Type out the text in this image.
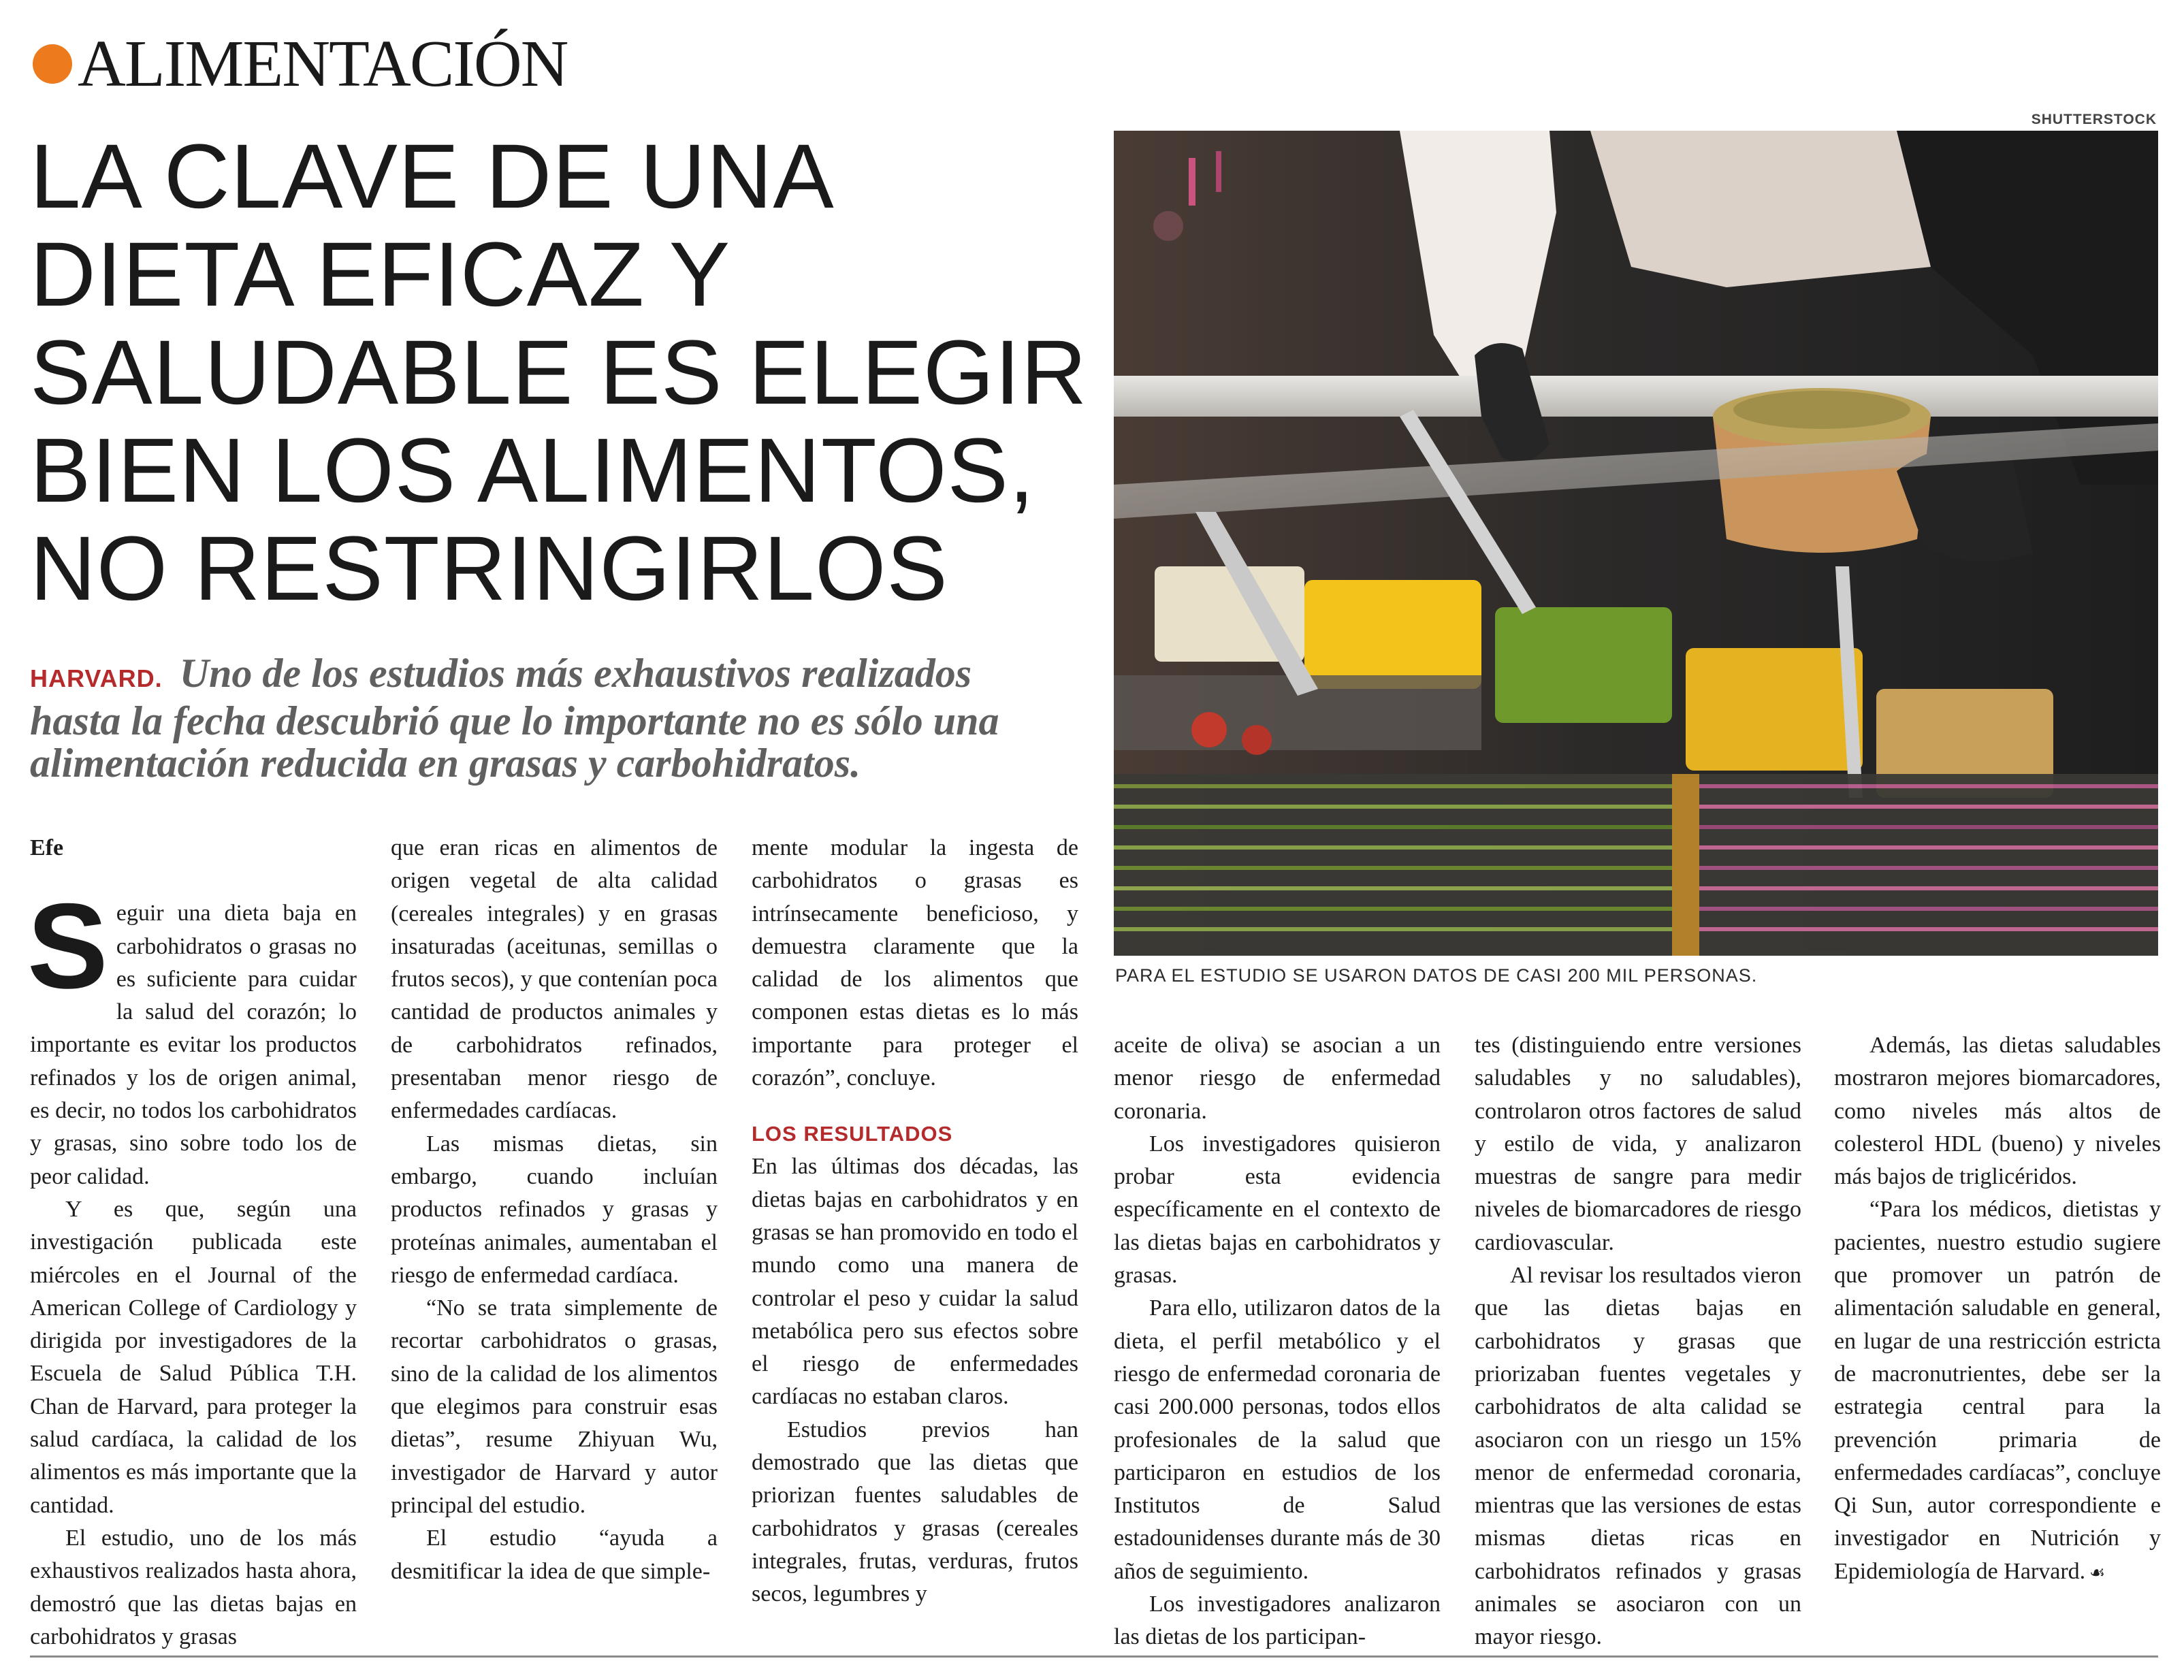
ALIMENTACIÓN
LA CLAVE DE UNA
DIETA EFICAZ Y
SALUDABLE ES ELEGIR
BIEN LOS ALIMENTOS,
NO RESTRINGIRLOS
HARVARD. Uno de los estudios más exhaustivos realizados hasta la fecha descubrió que lo importante no es sólo una alimentación reducida en grasas y carbohidratos.
SHUTTERSTOCK
PARA EL ESTUDIO SE USARON DATOS DE CASI 200 MIL PERSONAS.
Efe

Seguir una dieta baja en carbohidratos o grasas no es suficiente para cuidar la salud del corazón; lo importante es evitar los productos refinados y los de origen animal, es decir, no todos los carbohidratos y grasas, sino sobre todo los de peor calidad.

Y es que, según una investigación publicada este miércoles en el Journal of the American College of Cardiology y dirigida por investigadores de la Escuela de Salud Pública T.H. Chan de Harvard, para proteger la salud cardíaca, la calidad de los alimentos es más importante que la cantidad.

El estudio, uno de los más exhaustivos realizados hasta ahora, demostró que las dietas bajas en carbohidratos y grasas

que eran ricas en alimentos de origen vegetal de alta calidad (cereales integrales) y en grasas insaturadas (aceitunas, semillas o frutos secos), y que contenían poca cantidad de productos animales y de carbohidratos refinados, presentaban menor riesgo de enfermedades cardíacas.

Las mismas dietas, sin embargo, cuando incluían productos refinados y grasas y proteínas animales, aumentaban el riesgo de enfermedad cardíaca.

“No se trata simplemente de recortar carbohidratos o grasas, sino de la calidad de los alimentos que elegimos para construir esas dietas”, resume Zhiyuan Wu, investigador de Harvard y autor principal del estudio.

El estudio “ayuda a desmitificar la idea de que simple-

mente modular la ingesta de carbohidratos o grasas es intrínsecamente beneficioso, y demuestra claramente que la calidad de los alimentos que componen estas dietas es lo más importante para proteger el corazón”, concluye.

LOS RESULTADOS

En las últimas dos décadas, las dietas bajas en carbohidratos y en grasas se han promovido en todo el mundo como una manera de controlar el peso y cuidar la salud metabólica pero sus efectos sobre el riesgo de enfermedades cardíacas no estaban claros.

Estudios previos han demostrado que las dietas que priorizan fuentes saludables de carbohidratos y grasas (cereales integrales, frutas, verduras, frutos secos, legumbres y

aceite de oliva) se asocian a un menor riesgo de enfermedad coronaria.

Los investigadores quisieron probar esta evidencia específicamente en el contexto de las dietas bajas en carbohidratos y grasas.

Para ello, utilizaron datos de la dieta, el perfil metabólico y el riesgo de enfermedad coronaria de casi 200.000 personas, todos ellos profesionales de la salud que participaron en estudios de los Institutos de Salud estadounidenses durante más de 30 años de seguimiento.

Los investigadores analizaron las dietas de los participan-

tes (distinguiendo entre versiones saludables y no saludables), controlaron otros factores de salud y estilo de vida, y analizaron muestras de sangre para medir niveles de biomarcadores de riesgo cardiovascular.

Al revisar los resultados vieron que las dietas bajas en carbohidratos y grasas que priorizaban fuentes vegetales y carbohidratos de alta calidad se asociaron con un riesgo un 15% menor de enfermedad coronaria, mientras que las versiones de estas mismas dietas ricas en carbohidratos refinados y grasas animales se asociaron con un mayor riesgo.

Además, las dietas saludables mostraron mejores biomarcadores, como niveles más altos de colesterol HDL (bueno) y niveles más bajos de triglicéridos.

“Para los médicos, dietistas y pacientes, nuestro estudio sugiere que promover un patrón de alimentación saludable en general, en lugar de una restricción estricta de macronutrientes, debe ser la estrategia central para la prevención primaria de enfermedades cardíacas”, concluye Qi Sun, autor correspondiente e investigador en Nutrición y Epidemiología de Harvard. ☙
